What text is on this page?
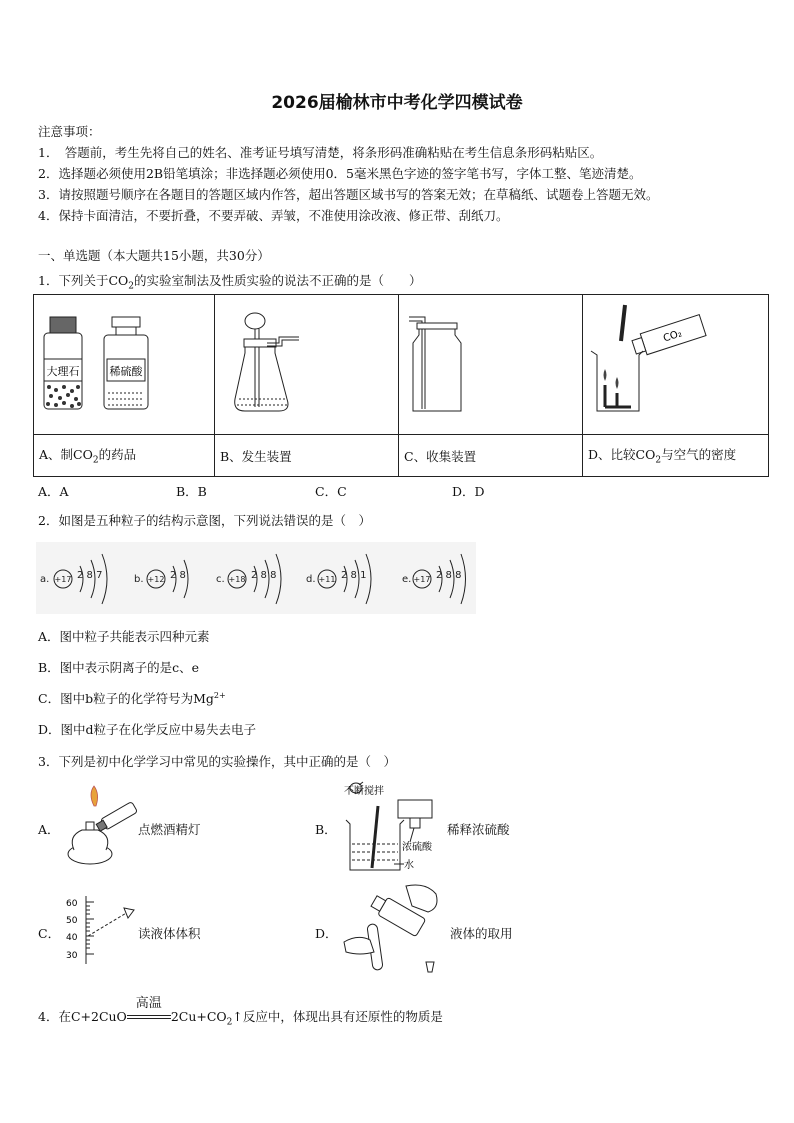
2026届榆林市中考化学四模试卷
注意事项：
1．　答题前，考生先将自己的姓名、准考证号填写清楚，将条形码准确粘贴在考生信息条形码粘贴区。
2．选择题必须使用2B铅笔填涂；非选择题必须使用0．5毫米黑色字迹的签字笔书写，字体工整、笔迹清楚。
3．请按照题号顺序在各题目的答题区域内作答，超出答题区域书写的答案无效；在草稿纸、试题卷上答题无效。
4．保持卡面清洁，不要折叠，不要弄破、弄皱，不准使用涂改液、修正带、刮纸刀。
一、单选题（本大题共15小题，共30分）
1．下列关于$CO_2$的实验室制法及性质实验的说法不正确的是（　　）
大理石 稀硫酸			CO₂

A、制$CO_2$的药品	B、发生装置	C、收集装置	D、比较$CO_2$与空气的密度
A．A	B．B	C．C	D．D
2．如图是五种粒子的结构示意图，下列说法错误的是（　）
a. +17 2 8 7	b. +12 2 8	c. +18 2 8 8	d. +11 2 8 1	e. +17 2 8 8
A．图中粒子共能表示四种元素
B．图中表示阴离子的是c、e
C．图中b粒子的化学符号为$Mg^{2+}$
D．图中d粒子在化学反应中易失去电子
3．下列是初中化学学习中常见的实验操作，其中正确的是（　）
A．	点燃酒精灯	B．
不断搅拌
浓硫酸
水
稀释浓硫酸
C．
60
50
40
30
读液体体积	D．	液体的取用
4．在C+2CuO
高温
$2Cu+CO_2↑$反应中，体现出具有还原性的物质是
